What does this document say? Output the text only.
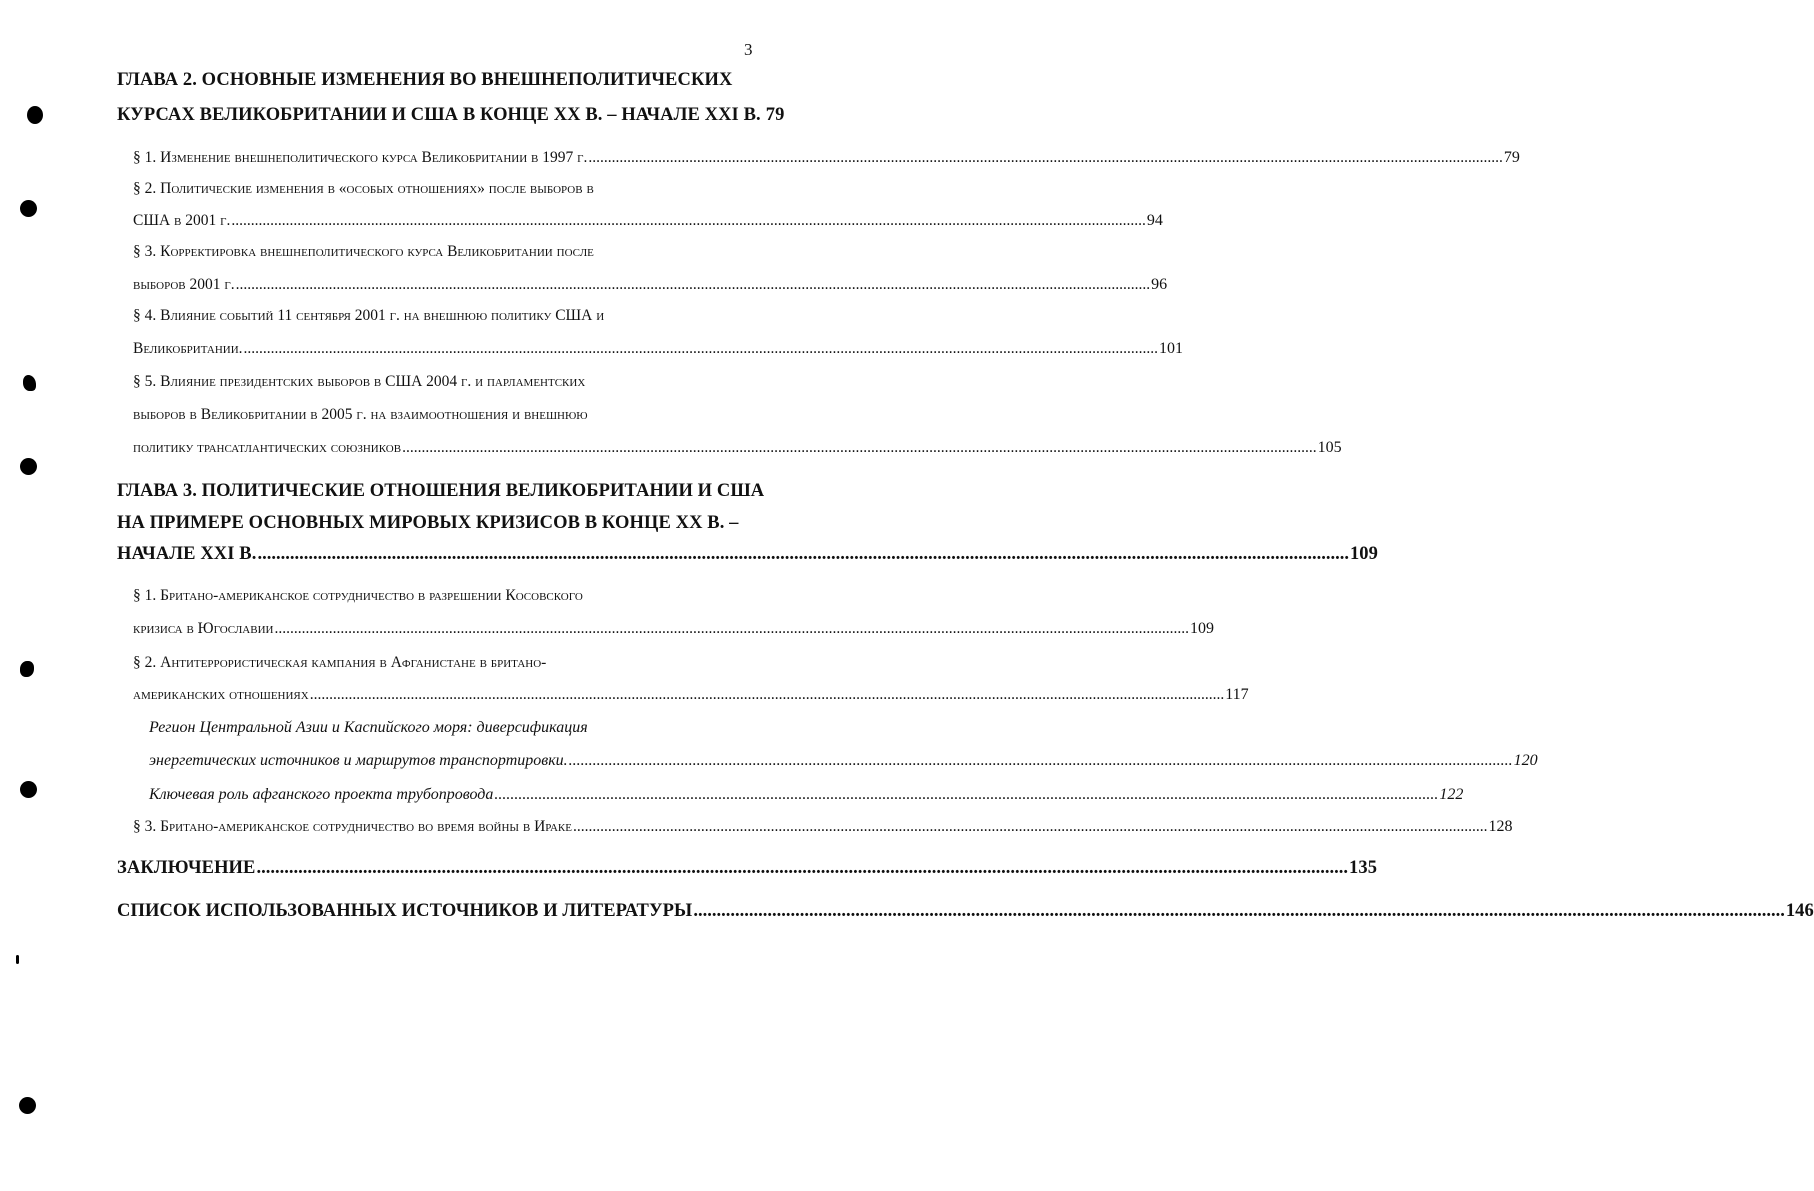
3
ГЛАВА 2. ОСНОВНЫЕ ИЗМЕНЕНИЯ ВО ВНЕШНЕПОЛИТИЧЕСКИХ
КУРСАХ ВЕЛИКОБРИТАНИИ И США В КОНЦЕ XX В. – НАЧАЛЕ XXI В. 79
§ 1. Изменение внешнеполитического курса Великобритании в 1997 г. .....	79
§ 2. Политические изменения в «особых отношениях» после выборов в
США в 2001 г. .....	94
§ 3. Корректировка внешнеполитического курса Великобритании после
выборов 2001 г. .....	96
§ 4. Влияние событий 11 сентября 2001 г. на внешнюю политику США и
Великобритании. .....	101
§ 5. Влияние президентских выборов в США 2004 г. и парламентских
выборов в Великобритании в 2005 г. на взаимоотношения и внешнюю
политику трансатлантических союзников .....	105
ГЛАВА 3. ПОЛИТИЧЕСКИЕ ОТНОШЕНИЯ ВЕЛИКОБРИТАНИИ И США
НА ПРИМЕРЕ ОСНОВНЫХ МИРОВЫХ КРИЗИСОВ В КОНЦЕ XX В. –
НАЧАЛЕ XXI В. .....	109
§ 1. Британо-американское сотрудничество в разрешении Косовского
кризиса в Югославии .....	109
§ 2. Антитеррористическая кампания в Афганистане в британо-
американских отношениях .....	117
Регион Центральной Азии и Каспийского моря: диверсификация
энергетических источников и маршрутов транспортировки. .....	120
Ключевая роль афганского проекта трубопровода .....	122
§ 3. Британо-американское сотрудничество во время войны в Ираке .....	128
ЗАКЛЮЧЕНИЕ .....	135
СПИСОК ИСПОЛЬЗОВАННЫХ ИСТОЧНИКОВ И ЛИТЕРАТУРЫ .....	146
